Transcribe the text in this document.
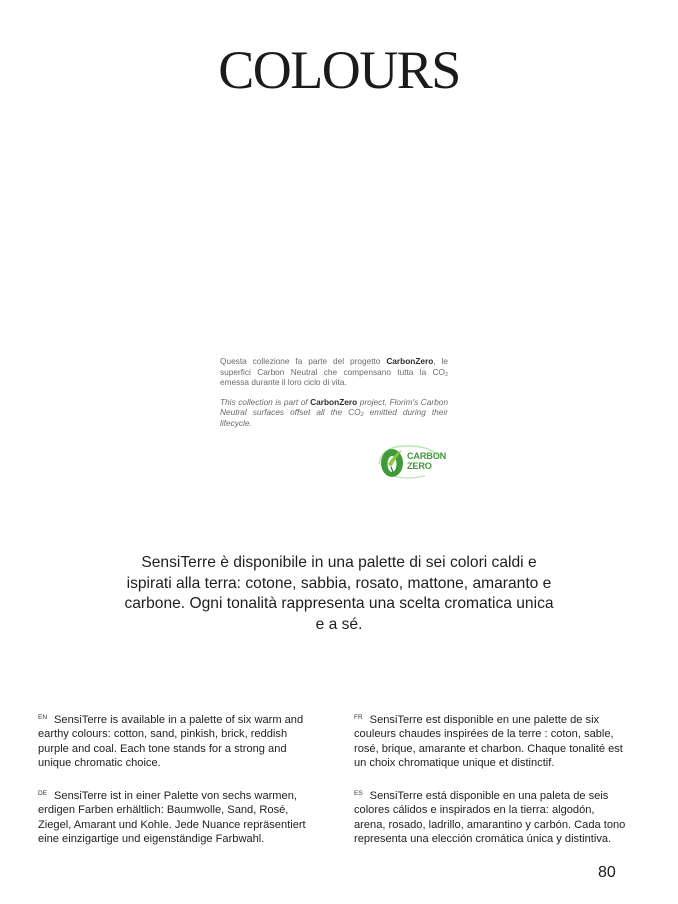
COLOURS

Questa collezione fa parte del progetto CarbonZero, le superfici Carbon Neutral che compensano tutta la $CO_2$ emessa durante il loro ciclo di vita.

This collection is part of CarbonZero project, Florim's Carbon Neutral surfaces offset all the $CO_2$ emitted during their lifecycle.

CARBON
ZERO

SensiTerre è disponibile in una palette di sei colori caldi e ispirati alla terra: cotone, sabbia, rosato, mattone, amaranto e carbone. Ogni tonalità rappresenta una scelta cromatica unica e a sé.

$^{EN}$ SensiTerre is available in a palette of six warm and earthy colours: cotton, sand, pinkish, brick, reddish purple and coal. Each tone stands for a strong and unique chromatic choice.

$^{FR}$ SensiTerre est disponible en une palette de six couleurs chaudes inspirées de la terre : coton, sable, rosé, brique, amarante et charbon. Chaque tonalité est un choix chromatique unique et distinctif.

$^{DE}$ SensiTerre ist in einer Palette von sechs warmen, erdigen Farben erhältlich: Baumwolle, Sand, Rosé, Ziegel, Amarant und Kohle. Jede Nuance repräsentiert eine einzigartige und eigenständige Farbwahl.

$^{ES}$ SensiTerre está disponible en una paleta de seis colores cálidos e inspirados en la tierra: algodón, arena, rosado, ladrillo, amarantino y carbón. Cada tono representa una elección cromática única y distintiva.

80
